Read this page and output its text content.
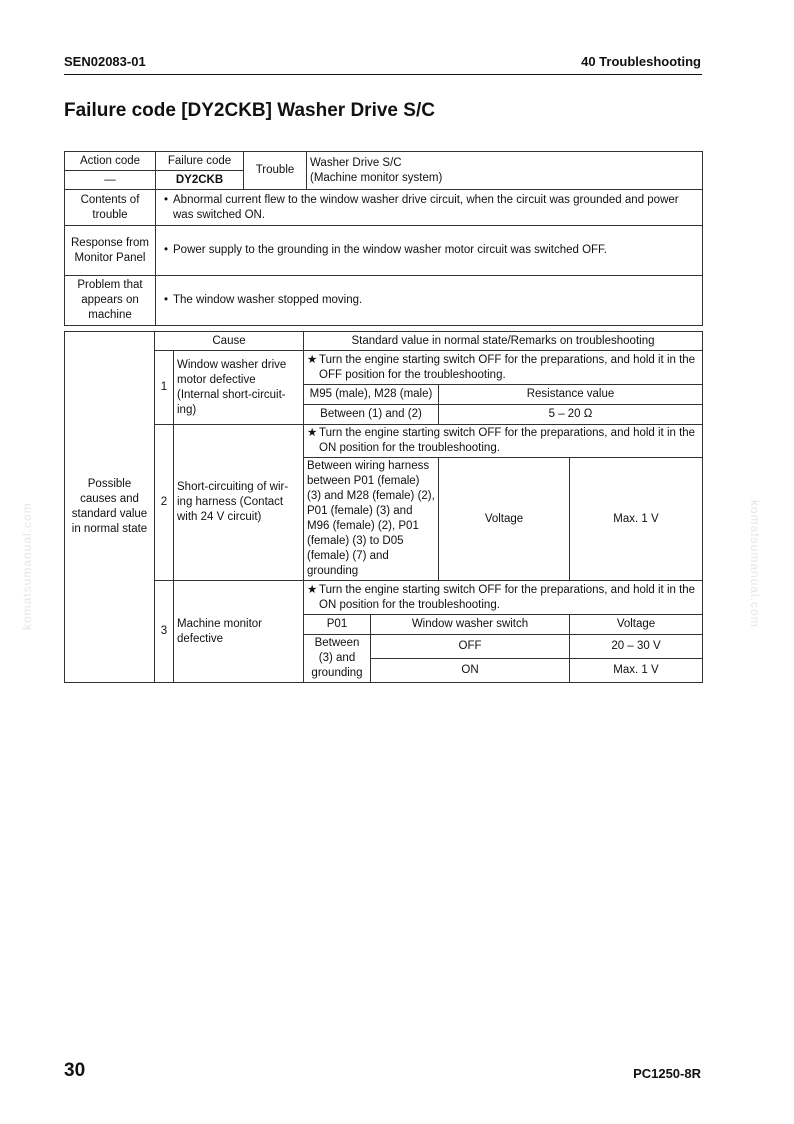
SEN02083-01	40 Troubleshooting
Failure code [DY2CKB] Washer Drive S/C
Action code	Failure code	Trouble	Washer Drive S/C
(Machine monitor system)

—	DY2CKB		
Contents of trouble	• Abnormal current flew to the window washer drive circuit, when the circuit was grounded and power was switched ON.		

Response from Monitor Panel	• Power supply to the grounding in the window washer motor circuit was switched OFF.		

Problem that appears on machine	• The window washer stopped moving.		
Possible causes and standard value in normal state	Cause		Standard value in normal state/Remarks on troubleshooting			
	1	Window washer drive motor defective (Internal short-circuit-ing)	★ Turn the engine starting switch OFF for the preparations, and hold it in the OFF position for the troubleshooting.			

			M95 (male), M28 (male)		Resistance value	
			Between (1) and (2)		5 – 20 Ω	
	2	Short-circuiting of wir-ing harness (Contact with 24 V circuit)	★ Turn the engine starting switch OFF for the preparations, and hold it in the ON position for the troubleshooting.			

			Between wiring harness between P01 (female) (3) and M28 (female) (2), P01 (female) (3) and M96 (female) (2), P01 (female) (3) to D05 (female) (7) and grounding		Voltage	Max. 1 V
	3	Machine monitor defective	★ Turn the engine starting switch OFF for the preparations, and hold it in the ON position for the troubleshooting.			

			P01	Window washer switch		Voltage
			Between (3) and grounding	OFF		20 – 30 V
				ON		Max. 1 V
komatsumanual.com	komatsumanual.com
30	PC1250-8R
